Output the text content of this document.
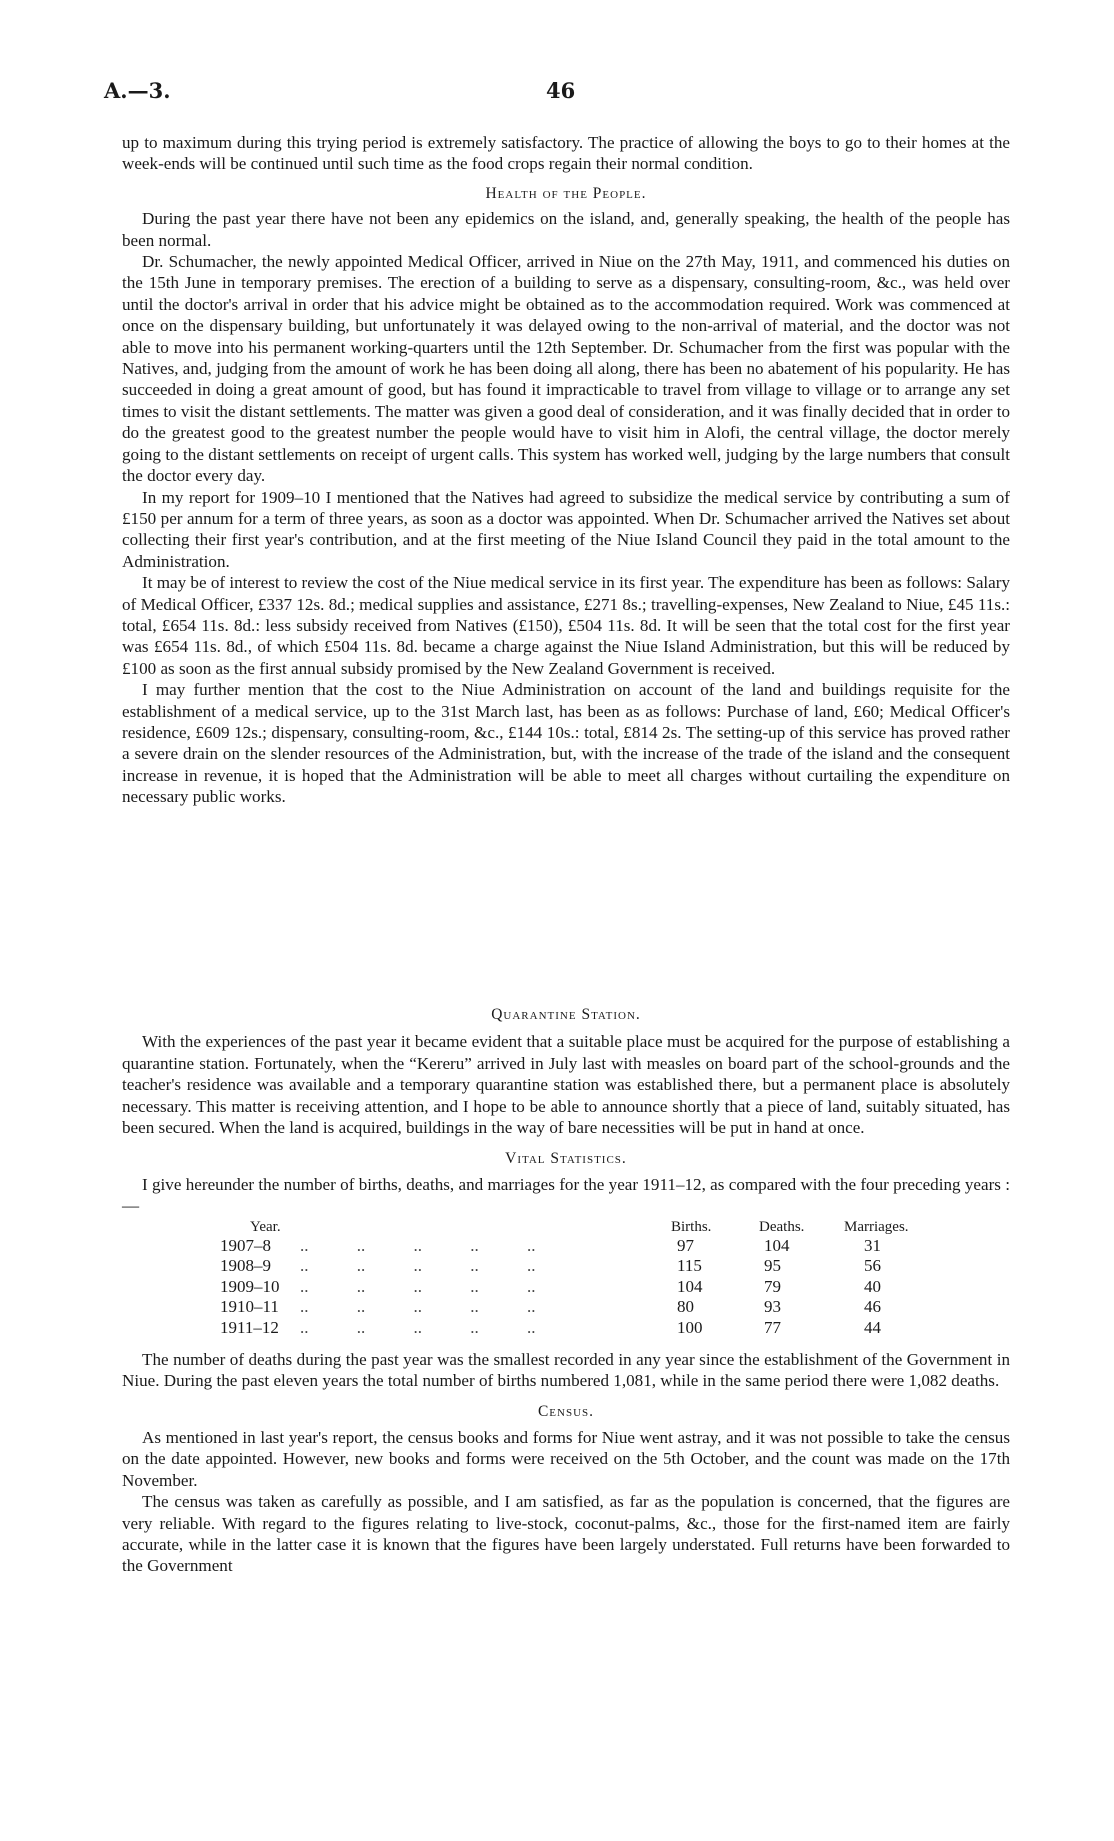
A.—3.	46

up to maximum during this trying period is extremely satisfactory. The practice of allowing the boys to go to their homes at the week-ends will be continued until such time as the food crops regain their normal condition.

Health of the People.

During the past year there have not been any epidemics on the island, and, generally speaking, the health of the people has been normal.

Dr. Schumacher, the newly appointed Medical Officer, arrived in Niue on the 27th May, 1911, and commenced his duties on the 15th June in temporary premises. The erection of a building to serve as a dispensary, consulting-room, &c., was held over until the doctor's arrival in order that his advice might be obtained as to the accommodation required. Work was commenced at once on the dispensary building, but unfortunately it was delayed owing to the non-arrival of material, and the doctor was not able to move into his permanent working-quarters until the 12th September. Dr. Schumacher from the first was popular with the Natives, and, judging from the amount of work he has been doing all along, there has been no abatement of his popularity. He has succeeded in doing a great amount of good, but has found it impracticable to travel from village to village or to arrange any set times to visit the distant settlements. The matter was given a good deal of consideration, and it was finally decided that in order to do the greatest good to the greatest number the people would have to visit him in Alofi, the central village, the doctor merely going to the distant settlements on receipt of urgent calls. This system has worked well, judging by the large numbers that consult the doctor every day.

In my report for 1909–10 I mentioned that the Natives had agreed to subsidize the medical service by contributing a sum of £150 per annum for a term of three years, as soon as a doctor was appointed. When Dr. Schumacher arrived the Natives set about collecting their first year's contribution, and at the first meeting of the Niue Island Council they paid in the total amount to the Administration.

It may be of interest to review the cost of the Niue medical service in its first year. The expenditure has been as follows: Salary of Medical Officer, £337 12s. 8d.; medical supplies and assistance, £271 8s.; travelling-expenses, New Zealand to Niue, £45 11s.: total, £654 11s. 8d.: less subsidy received from Natives (£150), £504 11s. 8d. It will be seen that the total cost for the first year was £654 11s. 8d., of which £504 11s. 8d. became a charge against the Niue Island Administration, but this will be reduced by £100 as soon as the first annual subsidy promised by the New Zealand Government is received.

I may further mention that the cost to the Niue Administration on account of the land and buildings requisite for the establishment of a medical service, up to the 31st March last, has been as as follows: Purchase of land, £60; Medical Officer's residence, £609 12s.; dispensary, consulting-room, &c., £144 10s.: total, £814 2s. The setting-up of this service has proved rather a severe drain on the slender resources of the Administration, but, with the increase of the trade of the island and the consequent increase in revenue, it is hoped that the Administration will be able to meet all charges without curtailing the expenditure on necessary public works.

Quarantine Station.

With the experiences of the past year it became evident that a suitable place must be acquired for the purpose of establishing a quarantine station. Fortunately, when the “Kereru” arrived in July last with measles on board part of the school-grounds and the teacher's residence was available and a temporary quarantine station was established there, but a permanent place is absolutely necessary. This matter is receiving attention, and I hope to be able to announce shortly that a piece of land, suitably situated, has been secured. When the land is acquired, buildings in the way of bare necessities will be put in hand at once.

Vital Statistics.

I give hereunder the number of births, deaths, and marriages for the year 1911–12, as compared with the four preceding years :—

Year.	Births.	Deaths.	Marriages.
1907–8 .. .. .. .. ..	97	104	31
1908–9 .. .. .. .. ..	115	95	56
1909–10 .. .. .. .. ..	104	79	40
1910–11 .. .. .. .. ..	80	93	46
1911–12 .. .. .. .. ..	100	77	44

The number of deaths during the past year was the smallest recorded in any year since the establishment of the Government in Niue. During the past eleven years the total number of births numbered 1,081, while in the same period there were 1,082 deaths.

Census.

As mentioned in last year's report, the census books and forms for Niue went astray, and it was not possible to take the census on the date appointed. However, new books and forms were received on the 5th October, and the count was made on the 17th November.

The census was taken as carefully as possible, and I am satisfied, as far as the population is concerned, that the figures are very reliable. With regard to the figures relating to live-stock, coconut-palms, &c., those for the first-named item are fairly accurate, while in the latter case it is known that the figures have been largely understated. Full returns have been forwarded to the Government
